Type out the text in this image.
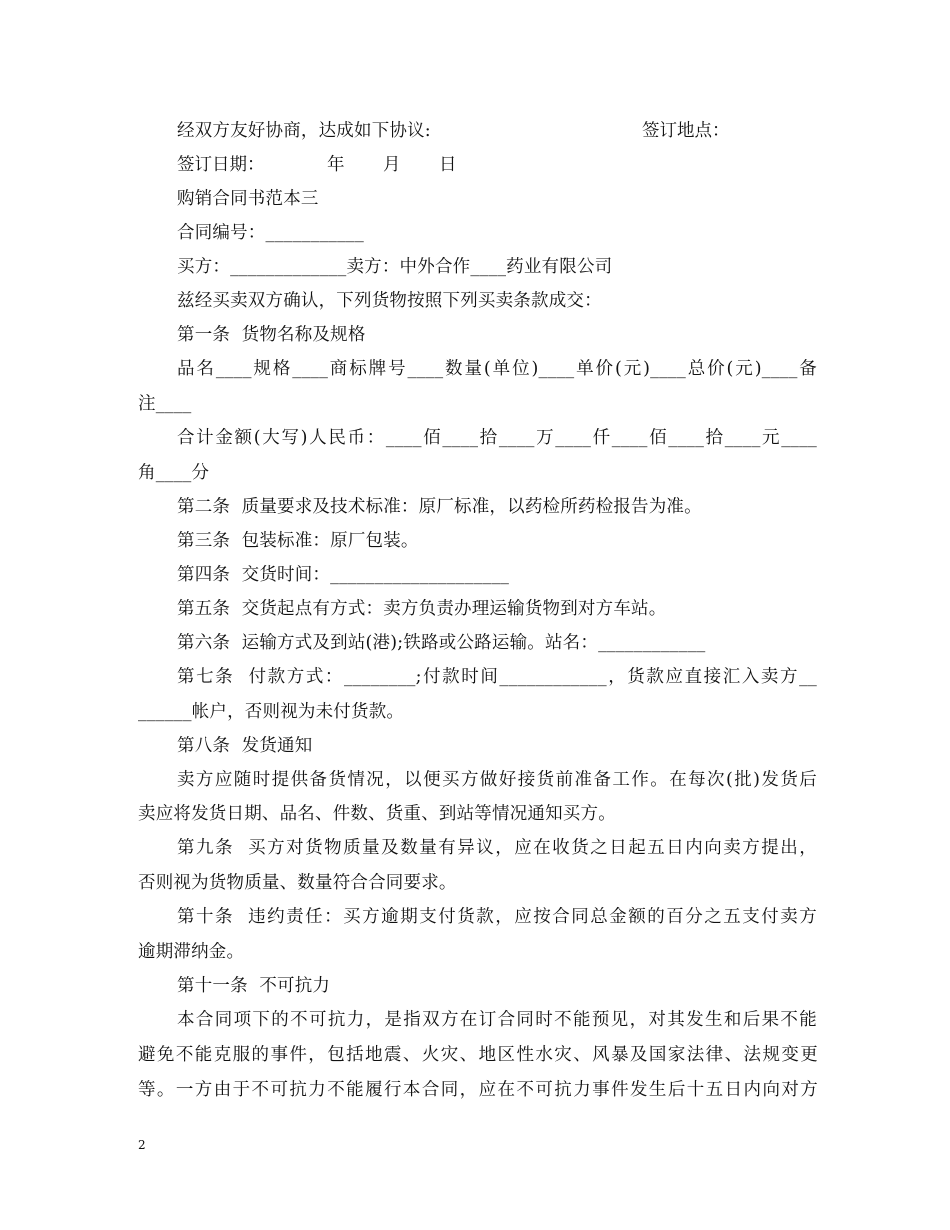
经双方友好协商，达成如下协议:	签订地点：
签订日期：	年 月 日
购销合同书范本三
合同编号：___________
买方：_____________卖方：中外合作____药业有限公司
兹经买卖双方确认，下列货物按照下列买卖条款成交：
第一条  货物名称及规格
品名____规格____商标牌号____数量(单位)____单价(元)____总价(元)____备
注____
合计金额(大写)人民币：____佰____拾____万____仟____佰____拾____元____
角____分
第二条  质量要求及技术标准：原厂标准，以药检所药检报告为准。
第三条  包装标准：原厂包装。
第四条  交货时间：____________________
第五条  交货起点有方式：卖方负责办理运输货物到对方车站。
第六条  运输方式及到站(港);铁路或公路运输。站名：____________
第七条  付款方式：________;付款时间____________，货款应直接汇入卖方__
______帐户，否则视为未付货款。
第八条  发货通知
卖方应随时提供备货情况，以便买方做好接货前准备工作。在每次(批)发货后
卖应将发货日期、品名、件数、货重、到站等情况通知买方。
第九条  买方对货物质量及数量有异议，应在收货之日起五日内向卖方提出，
否则视为货物质量、数量符合合同要求。
第十条  违约责任：买方逾期支付货款，应按合同总金额的百分之五支付卖方
逾期滞纳金。
第十一条  不可抗力
本合同项下的不可抗力，是指双方在订合同时不能预见，对其发生和后果不能
避免不能克服的事件，包括地震、火灾、地区性水灾、风暴及国家法律、法规变更
等。一方由于不可抗力不能履行本合同，应在不可抗力事件发生后十五日内向对方
2
